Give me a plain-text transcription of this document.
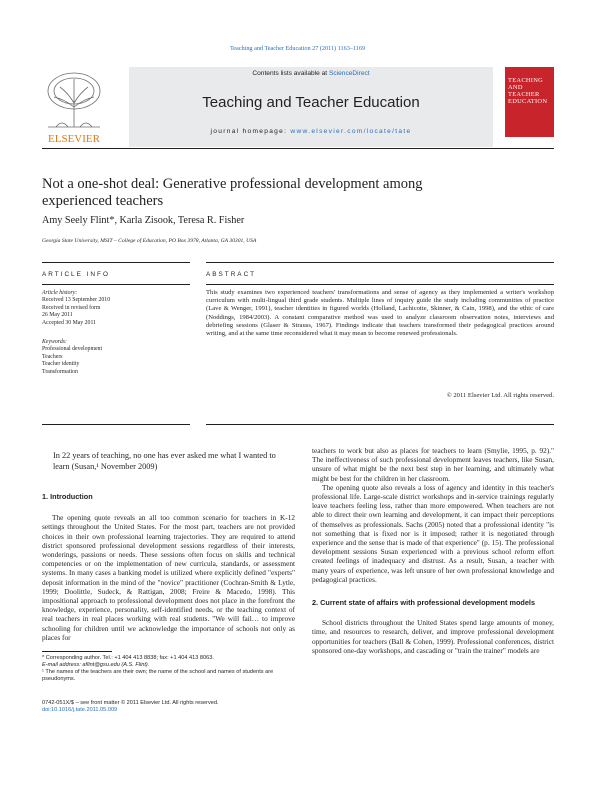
Teaching and Teacher Education 27 (2011) 1163–1169
Contents lists available at ScienceDirect
Teaching and Teacher Education
journal homepage: www.elsevier.com/locate/tate
ELSEVIER
TEACHING AND TEACHER EDUCATION
Not a one-shot deal: Generative professional development among experienced teachers
Amy Seely Flint*, Karla Zisook, Teresa R. Fisher
Georgia State University, MSIT – College of Education, PO Box 3978, Atlanta, GA 30301, USA
ARTICLE INFO
Article history:
Received 13 September 2010
Received in revised form
26 May 2011
Accepted 30 May 2011
Keywords:
Professional development
Teachers
Teacher identity
Transformation
ABSTRACT
This study examines two experienced teachers' transformations and sense of agency as they implemented a writer's workshop curriculum with multi-lingual third grade students. Multiple lines of inquiry guide the study including communities of practice (Lave & Wenger, 1991), teacher identities in figured worlds (Holland, Lachicotte, Skinner, & Cain, 1998), and the ethic of care (Noddings, 1984/2003). A constant comparative method was used to analyze classroom observation notes, interviews and debriefing sessions (Glaser & Strauss, 1967). Findings indicate that teachers transformed their pedagogical practices around writing, and at the same time reconsidered what it may mean to become renewed professionals.
© 2011 Elsevier Ltd. All rights reserved.
In 22 years of teaching, no one has ever asked me what I wanted to learn (Susan,¹ November 2009)
1. Introduction

The opening quote reveals an all too common scenario for teachers in K-12 settings throughout the United States. For the most part, teachers are not provided choices in their own professional learning trajectories. They are required to attend district sponsored professional development sessions regardless of their interests, wonderings, passions or needs. These sessions often focus on skills and technical competencies or on the implementation of new curricula, standards, or assessment systems. In many cases a banking model is utilized where explicitly defined "experts" deposit information in the mind of the "novice" practitioner (Cochran-Smith & Lytle, 1999; Doolittle, Sudeck, & Rattigan, 2008; Freire & Macedo, 1998). This impositional approach to professional development does not place in the forefront the knowledge, experience, personality, self-identified needs, or the teaching context of real teachers in real places working with real students. "We will fail… to improve schooling for children until we acknowledge the importance of schools not only as places for

teachers to work but also as places for teachers to learn (Smylie, 1995, p. 92)." The ineffectiveness of such professional development leaves teachers, like Susan, unsure of what might be the next best step in her learning, and ultimately what might be best for the children in her classroom.

The opening quote also reveals a loss of agency and identity in this teacher's professional life. Large-scale district workshops and in-service trainings regularly leave teachers feeling less, rather than more empowered. When teachers are not able to direct their own learning and development, it can impact their perceptions of themselves as professionals. Sachs (2005) noted that a professional identity "is not something that is fixed nor is it imposed; rather it is negotiated through experience and the sense that is made of that experience" (p. 15). The professional development sessions Susan experienced with a previous school reform effort created feelings of inadequacy and distrust. As a result, Susan, a teacher with many years of experience, was left unsure of her own professional knowledge and pedagogical practices.

2. Current state of affairs with professional development models

School districts throughout the United States spend large amounts of money, time, and resources to research, deliver, and improve professional development opportunities for teachers (Ball & Cohen, 1999). Professional conferences, district sponsored one-day workshops, and cascading or "train the trainer" models are

* Corresponding author. Tel.: +1 404 413 8838; fax: +1 404 413 8063.
E-mail address: aflint@gsu.edu (A.S. Flint).
¹ The names of the teachers are their own; the name of the school and names of students are pseudonyms.
0742-051X/$ – see front matter © 2011 Elsevier Ltd. All rights reserved.
doi:10.1016/j.tate.2011.05.009
